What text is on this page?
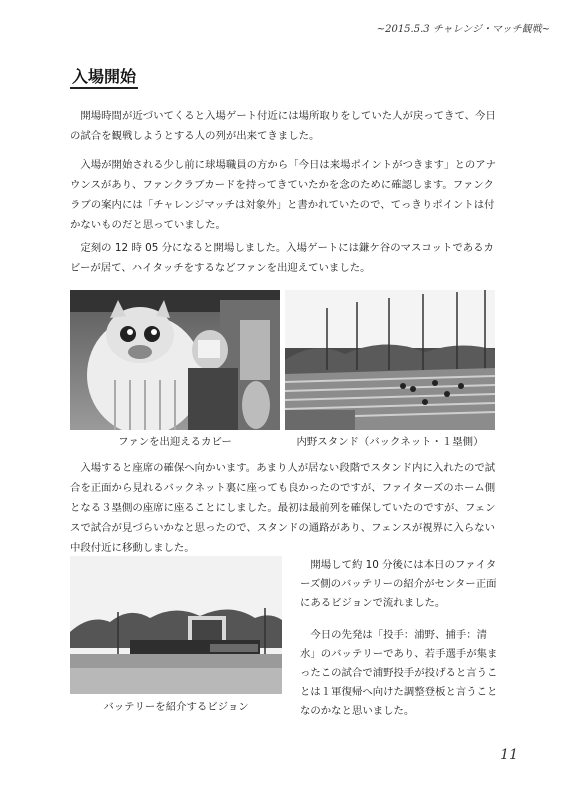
~2015.5.3 チャレンジ・マッチ観戦~
入場開始

開場時間が近づいてくると入場ゲート付近には場所取りをしていた人が戻ってきて、今日の試合を観戦しようとする人の列が出来てきました。

入場が開始される少し前に球場職員の方から「今日は来場ポイントがつきます」とのアナウンスがあり、ファンクラブカードを持ってきていたかを念のために確認します。ファンクラブの案内には「チャレンジマッチは対象外」と書かれていたので、てっきりポイントは付かないものだと思っていました。

定刻の 12 時 05 分になると開場しました。入場ゲートには鎌ケ谷のマスコットであるカビーが居て、ハイタッチをするなどファンを出迎えていました。

ファンを出迎えるカビー	内野スタンド（バックネット・１塁側）

入場すると座席の確保へ向かいます。あまり人が居ない段階でスタンド内に入れたので試合を正面から見れるバックネット裏に座っても良かったのですが、ファイターズのホーム側となる３塁側の座席に座ることにしました。最初は最前列を確保していたのですが、フェンスで試合が見づらいかなと思ったので、スタンドの通路があり、フェンスが視界に入らない中段付近に移動しました。

バッテリーを紹介するビジョン

開場して約 10 分後には本日のファイターズ側のバッテリーの紹介がセンター正面にあるビジョンで流れました。

今日の先発は「投手：浦野、捕手：清水」のバッテリーであり、若手選手が集まったこの試合で浦野投手が投げると言うことは１軍復帰へ向けた調整登板と言うことなのかなと思いました。

11
